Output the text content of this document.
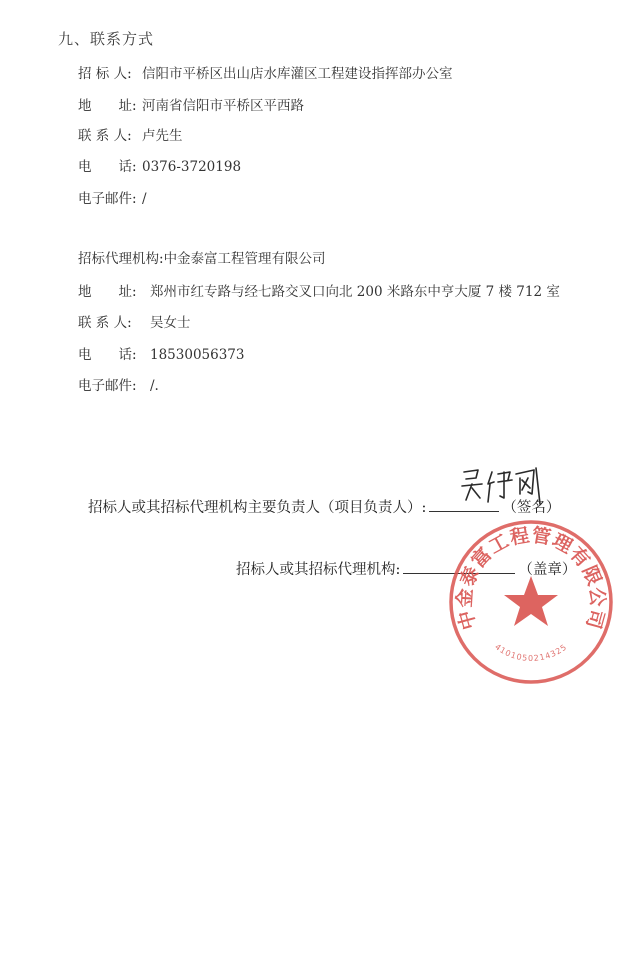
九、联系方式
招 标 人: 信阳市平桥区出山店水库灌区工程建设指挥部办公室
地　　址: 河南省信阳市平桥区平西路
联 系 人: 卢先生
电　　话: 0376-3720198
电子邮件: /
招标代理机构:中金泰富工程管理有限公司
地　　址: 郑州市红专路与经七路交叉口向北 200 米路东中亨大厦 7 楼 712 室
联 系 人: 吴女士
电　　话: 18530056373
电子邮件: /.
招标人或其招标代理机构主要负责人（项目负责人）:	（签名）
招标人或其招标代理机构:	（盖章）
中金泰富工程管理有限公司
4101050214325
